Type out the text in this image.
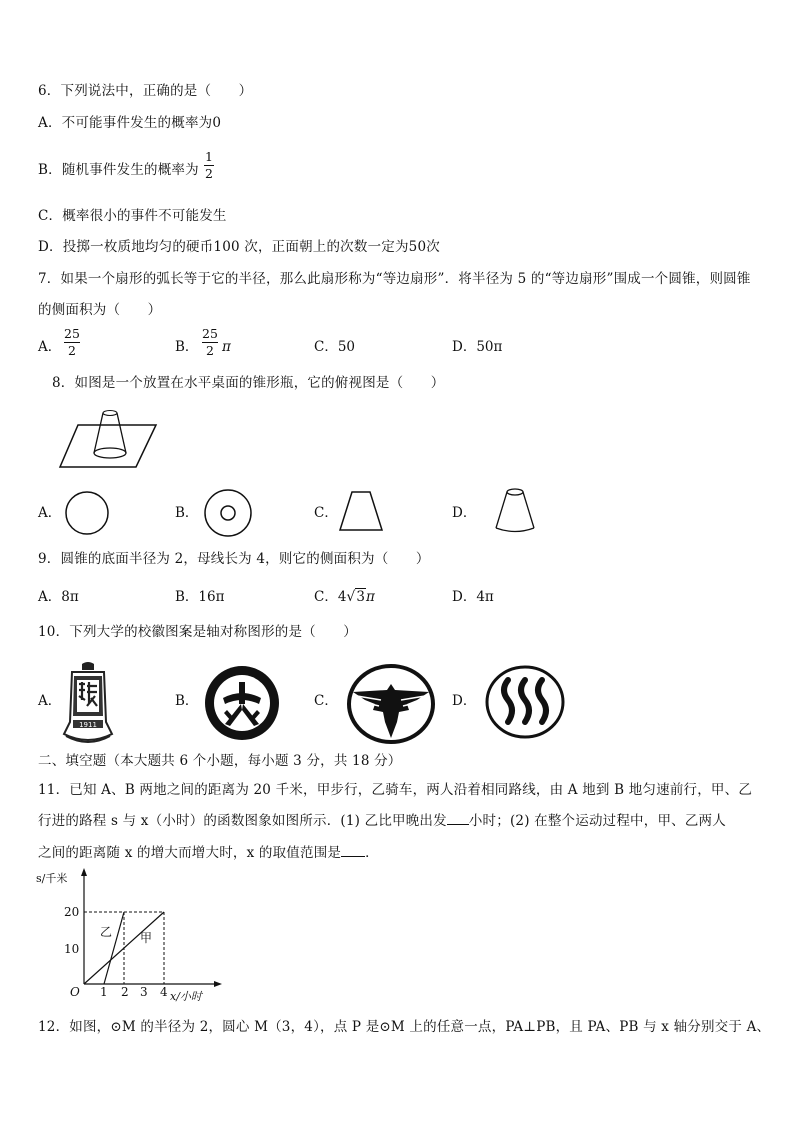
6．下列说法中，正确的是（　　）
A．不可能事件发生的概率为0
B．随机事件发生的概率为
1
2
C．概率很小的事件不可能发生
D．投掷一枚质地均匀的硬币100 次，正面朝上的次数一定为50次
7．如果一个扇形的弧长等于它的半径，那么此扇形称为“等边扇形”．将半径为 5 的“等边扇形”围成一个圆锥，则圆锥
的侧面积为（　　）
A．
25
2	B．
25
2 π	C．50	D．50π
8．如图是一个放置在水平桌面的锥形瓶，它的俯视图是（　　）
A．	B．	C．	D．
9．圆锥的底面半径为 2，母线长为 4，则它的侧面积为（　　）
A．8π	B．16π	C．4√3π	D．4π
10．下列大学的校徽图案是轴对称图形的是（　　）
A．
1911
B．	C．	D．
二、填空题（本大题共 6 个小题，每小题 3 分，共 18 分）
11．已知 A、B 两地之间的距离为 20 千米，甲步行，乙骑车，两人沿着相同路线，由 A 地到 B 地匀速前行，甲、乙
行进的路程 s 与 x（小时）的函数图象如图所示．(1) 乙比甲晚出发 小时；(2) 在整个运动过程中，甲、乙两人
之间的距离随 x 的增大而增大时，x 的取值范围是 ．
s/千米
x/小时
O
20
10
1 2 3 4
乙 甲
12．如图，⊙M 的半径为 2，圆心 M（3，4），点 P 是⊙M 上的任意一点，PA⊥PB，且 PA、PB 与 x 轴分别交于 A、
